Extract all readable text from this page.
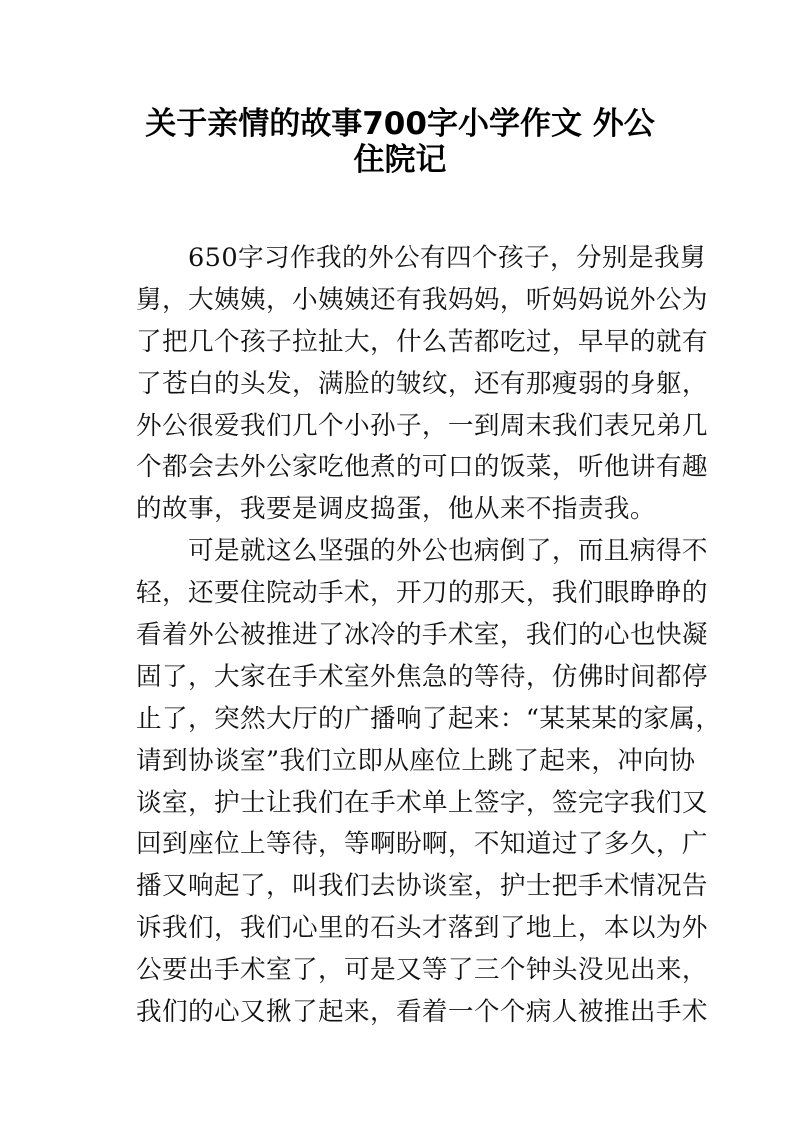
关于亲情的故事700字小学作文 外公
住院记
650字习作我的外公有四个孩子，分别是我舅
舅，大姨姨，小姨姨还有我妈妈，听妈妈说外公为
了把几个孩子拉扯大，什么苦都吃过，早早的就有
了苍白的头发，满脸的皱纹，还有那瘦弱的身躯，
外公很爱我们几个小孙子，一到周末我们表兄弟几
个都会去外公家吃他煮的可口的饭菜，听他讲有趣
的故事，我要是调皮捣蛋，他从来不指责我。
可是就这么坚强的外公也病倒了，而且病得不
轻，还要住院动手术，开刀的那天，我们眼睁睁的
看着外公被推进了冰冷的手术室，我们的心也快凝
固了，大家在手术室外焦急的等待，仿佛时间都停
止了，突然大厅的广播响了起来：“某某某的家属，
请到协谈室”我们立即从座位上跳了起来，冲向协
谈室，护士让我们在手术单上签字，签完字我们又
回到座位上等待，等啊盼啊，不知道过了多久，广
播又响起了，叫我们去协谈室，护士把手术情况告
诉我们，我们心里的石头才落到了地上，本以为外
公要出手术室了，可是又等了三个钟头没见出来，
我们的心又揪了起来，看着一个个病人被推出手术
